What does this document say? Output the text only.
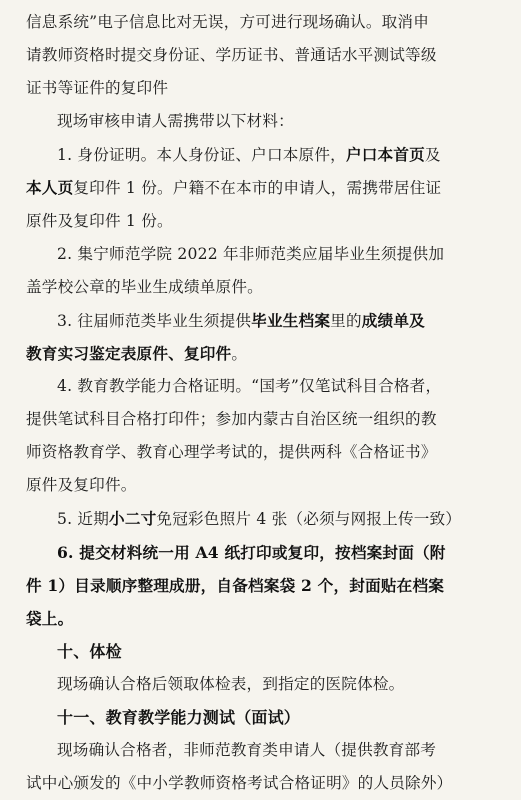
信息系统”电子信息比对无误，方可进行现场确认。取消申
请教师资格时提交身份证、学历证书、普通话水平测试等级
证书等证件的复印件
现场审核申请人需携带以下材料：
1. 身份证明。本人身份证、户口本原件，户口本首页及
本人页复印件 1 份。户籍不在本市的申请人，需携带居住证
原件及复印件 1 份。
2. 集宁师范学院 2022 年非师范类应届毕业生须提供加
盖学校公章的毕业生成绩单原件。
3. 往届师范类毕业生须提供毕业生档案里的成绩单及
教育实习鉴定表原件、复印件。
4. 教育教学能力合格证明。“国考”仅笔试科目合格者，
提供笔试科目合格打印件；参加内蒙古自治区统一组织的教
师资格教育学、教育心理学考试的，提供两科《合格证书》
原件及复印件。
5. 近期小二寸免冠彩色照片 4 张（必须与网报上传一致）
6. 提交材料统一用 A4 纸打印或复印，按档案封面（附
件 1）目录顺序整理成册，自备档案袋 2 个，封面贴在档案
袋上。
十、体检
现场确认合格后领取体检表，到指定的医院体检。
十一、教育教学能力测试（面试）
现场确认合格者，非师范教育类申请人（提供教育部考
试中心颁发的《中小学教师资格考试合格证明》的人员除外）
